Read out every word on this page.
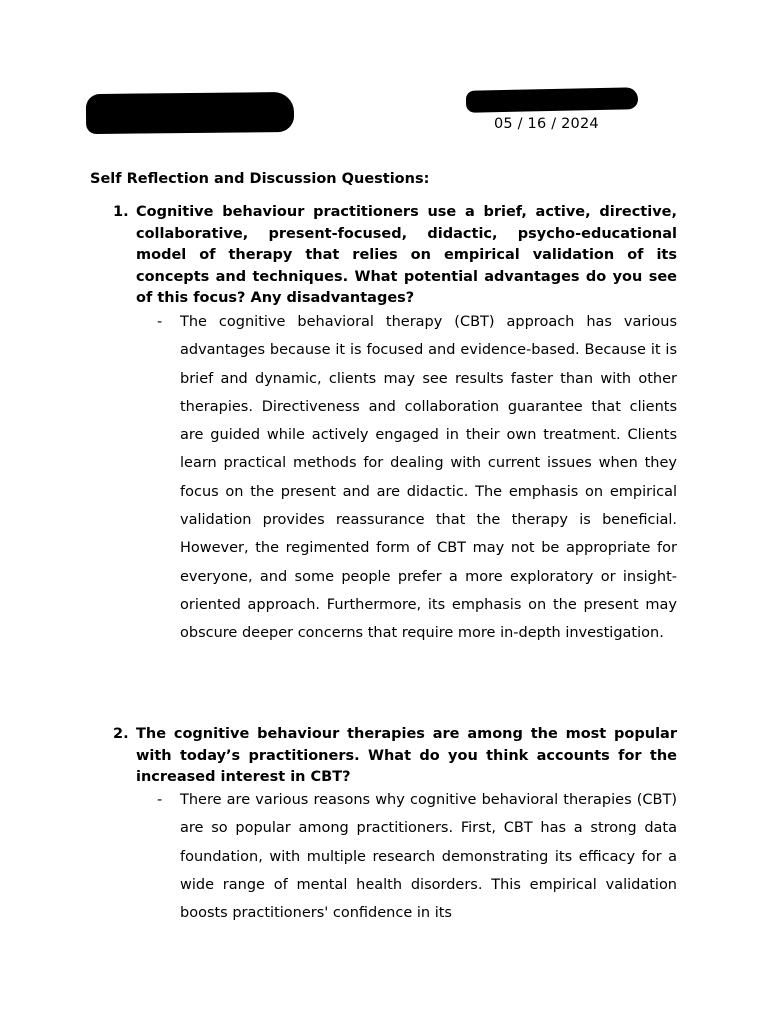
05 / 16 / 2024
Self Reflection and Discussion Questions:
1. Cognitive behaviour practitioners use a brief, active, directive, collaborative, present-focused, didactic, psycho-educational model of therapy that relies on empirical validation of its concepts and techniques. What potential advantages do you see of this focus? Any disadvantages?
- The cognitive behavioral therapy (CBT) approach has various advantages because it is focused and evidence-based. Because it is brief and dynamic, clients may see results faster than with other therapies. Directiveness and collaboration guarantee that clients are guided while actively engaged in their own treatment. Clients learn practical methods for dealing with current issues when they focus on the present and are didactic. The emphasis on empirical validation provides reassurance that the therapy is beneficial. However, the regimented form of CBT may not be appropriate for everyone, and some people prefer a more exploratory or insight-oriented approach. Furthermore, its emphasis on the present may obscure deeper concerns that require more in-depth investigation.
2. The cognitive behaviour therapies are among the most popular with today’s practitioners. What do you think accounts for the increased interest in CBT?
- There are various reasons why cognitive behavioral therapies (CBT) are so popular among practitioners. First, CBT has a strong data foundation, with multiple research demonstrating its efficacy for a wide range of mental health disorders. This empirical validation boosts practitioners' confidence in its
